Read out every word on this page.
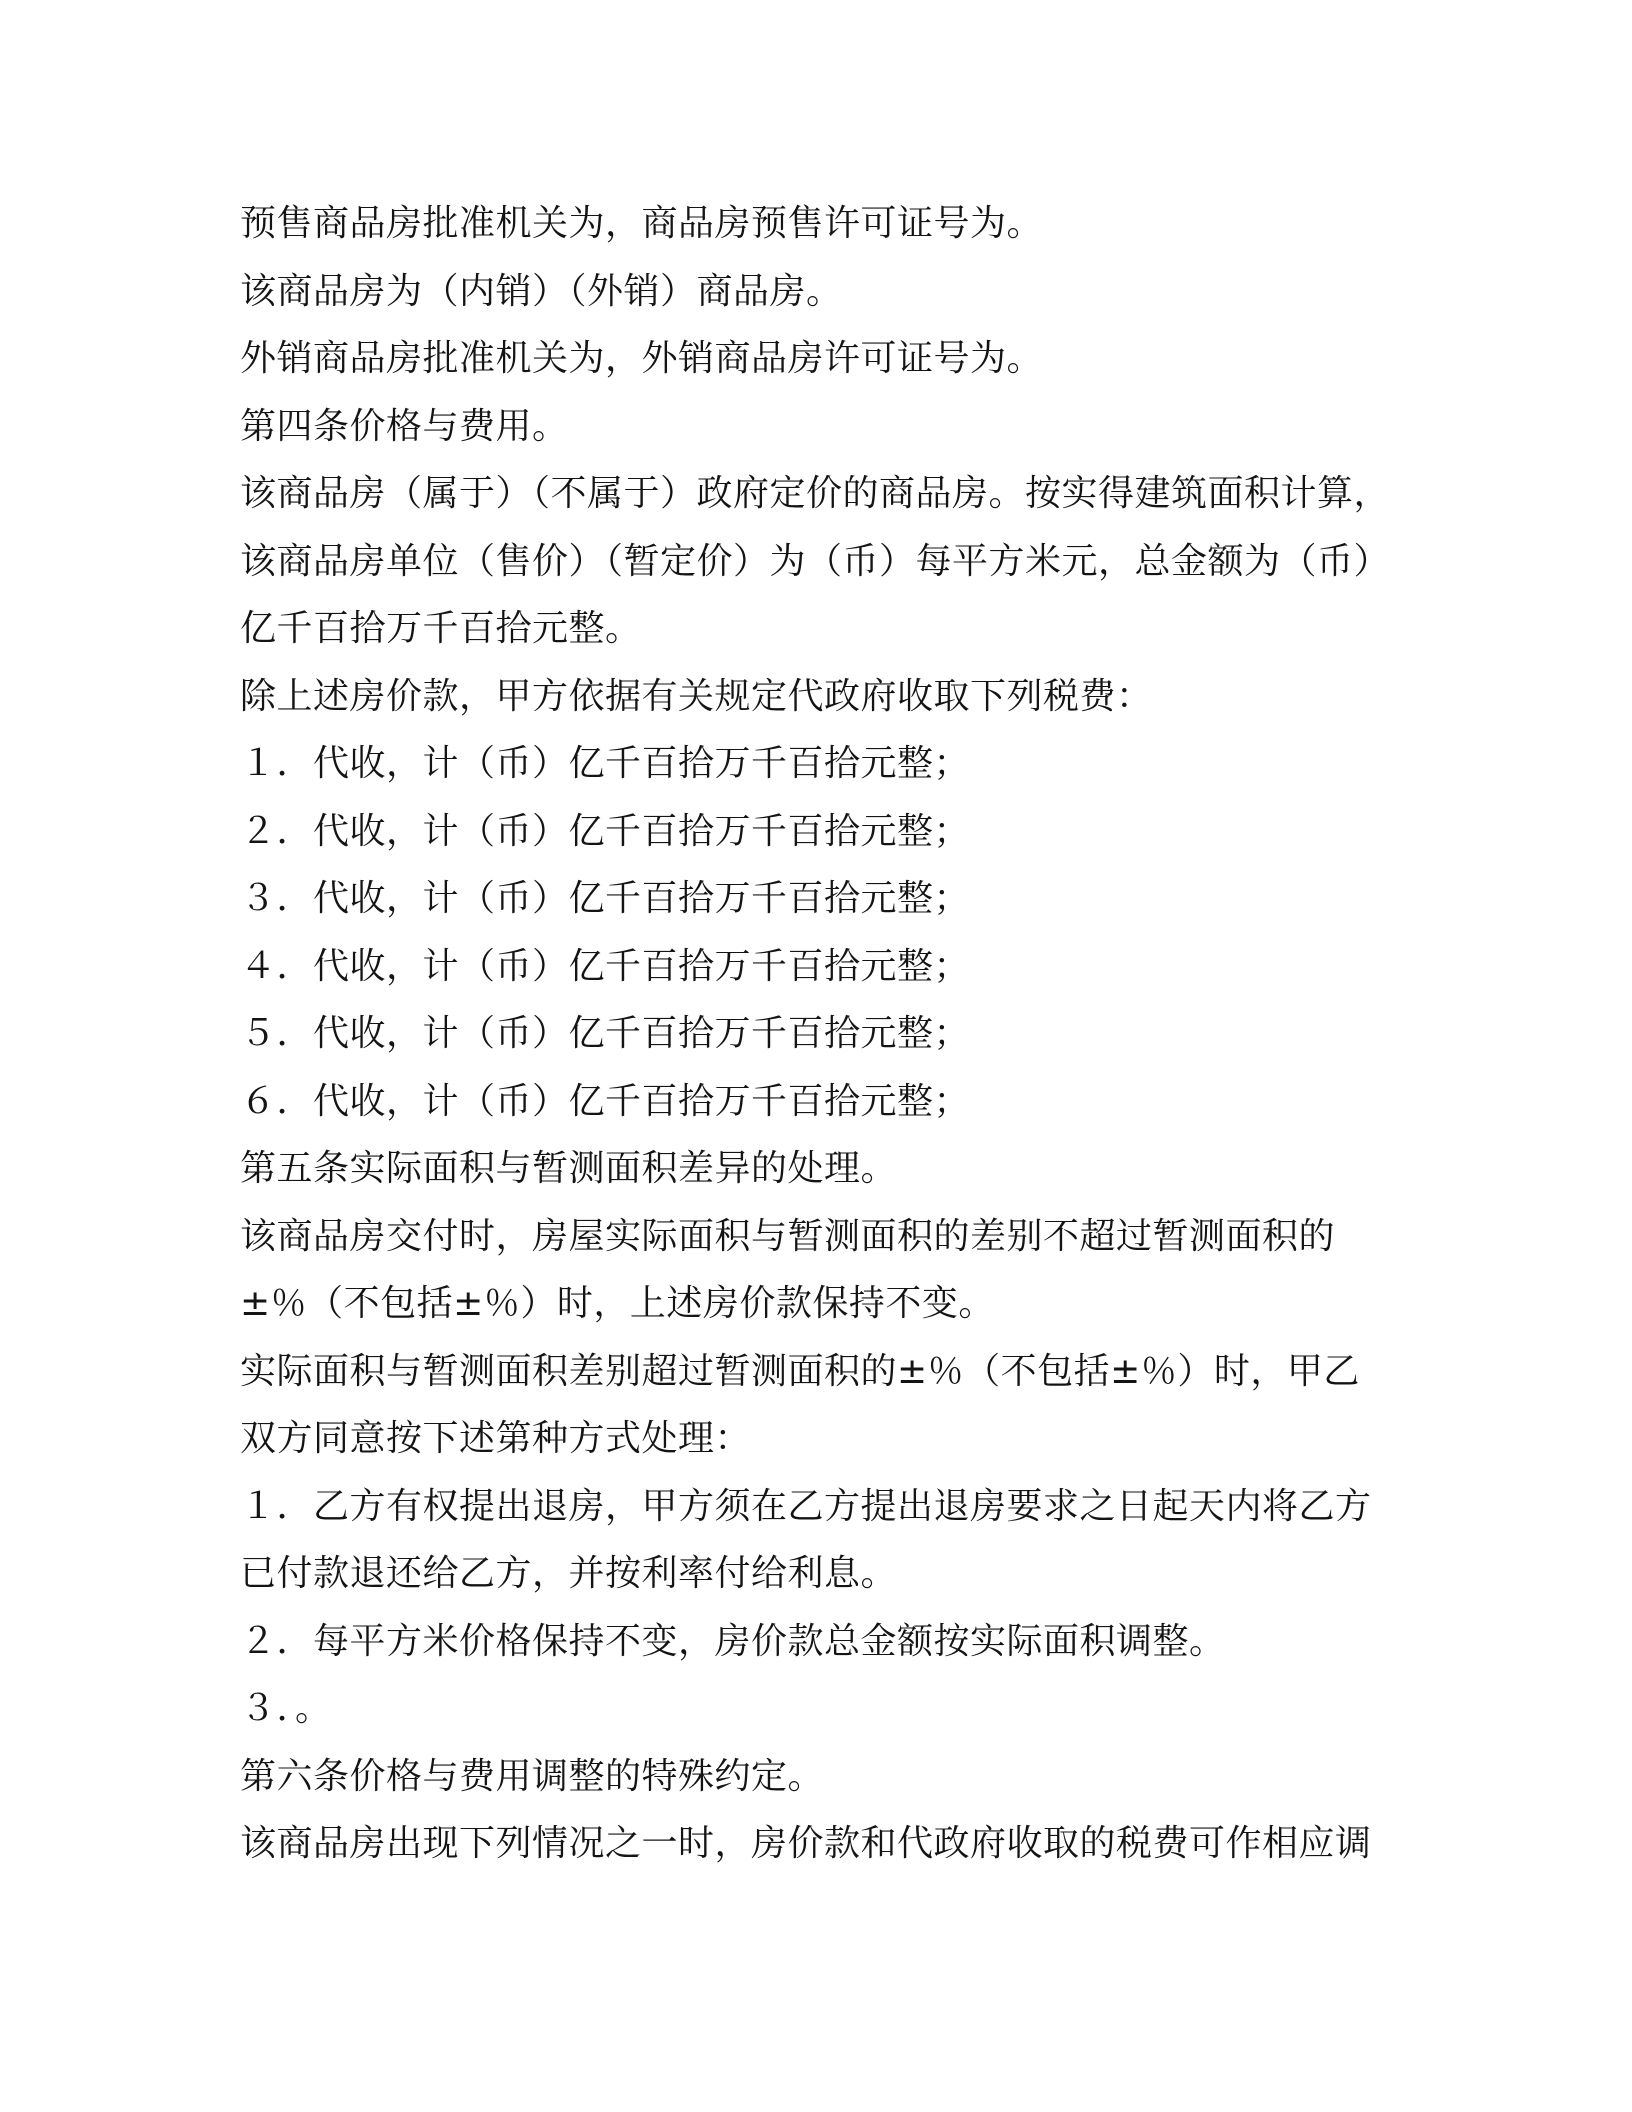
预售商品房批准机关为，商品房预售许可证号为。
该商品房为（内销）（外销）商品房。
外销商品房批准机关为，外销商品房许可证号为。
第四条价格与费用。
该商品房（属于）（不属于）政府定价的商品房。按实得建筑面积计算，
该商品房单位（售价）（暂定价）为（币）每平方米元，总金额为（币）
亿千百拾万千百拾元整。
除上述房价款，甲方依据有关规定代政府收取下列税费：
１．代收，计（币）亿千百拾万千百拾元整；
２．代收，计（币）亿千百拾万千百拾元整；
３．代收，计（币）亿千百拾万千百拾元整；
４．代收，计（币）亿千百拾万千百拾元整；
５．代收，计（币）亿千百拾万千百拾元整；
６．代收，计（币）亿千百拾万千百拾元整；
第五条实际面积与暂测面积差异的处理。
该商品房交付时，房屋实际面积与暂测面积的差别不超过暂测面积的
±％（不包括±％）时，上述房价款保持不变。
实际面积与暂测面积差别超过暂测面积的±％（不包括±％）时，甲乙
双方同意按下述第种方式处理：
１．乙方有权提出退房，甲方须在乙方提出退房要求之日起天内将乙方
已付款退还给乙方，并按利率付给利息。
２．每平方米价格保持不变，房价款总金额按实际面积调整。
３．。
第六条价格与费用调整的特殊约定。
该商品房出现下列情况之一时，房价款和代政府收取的税费可作相应调
